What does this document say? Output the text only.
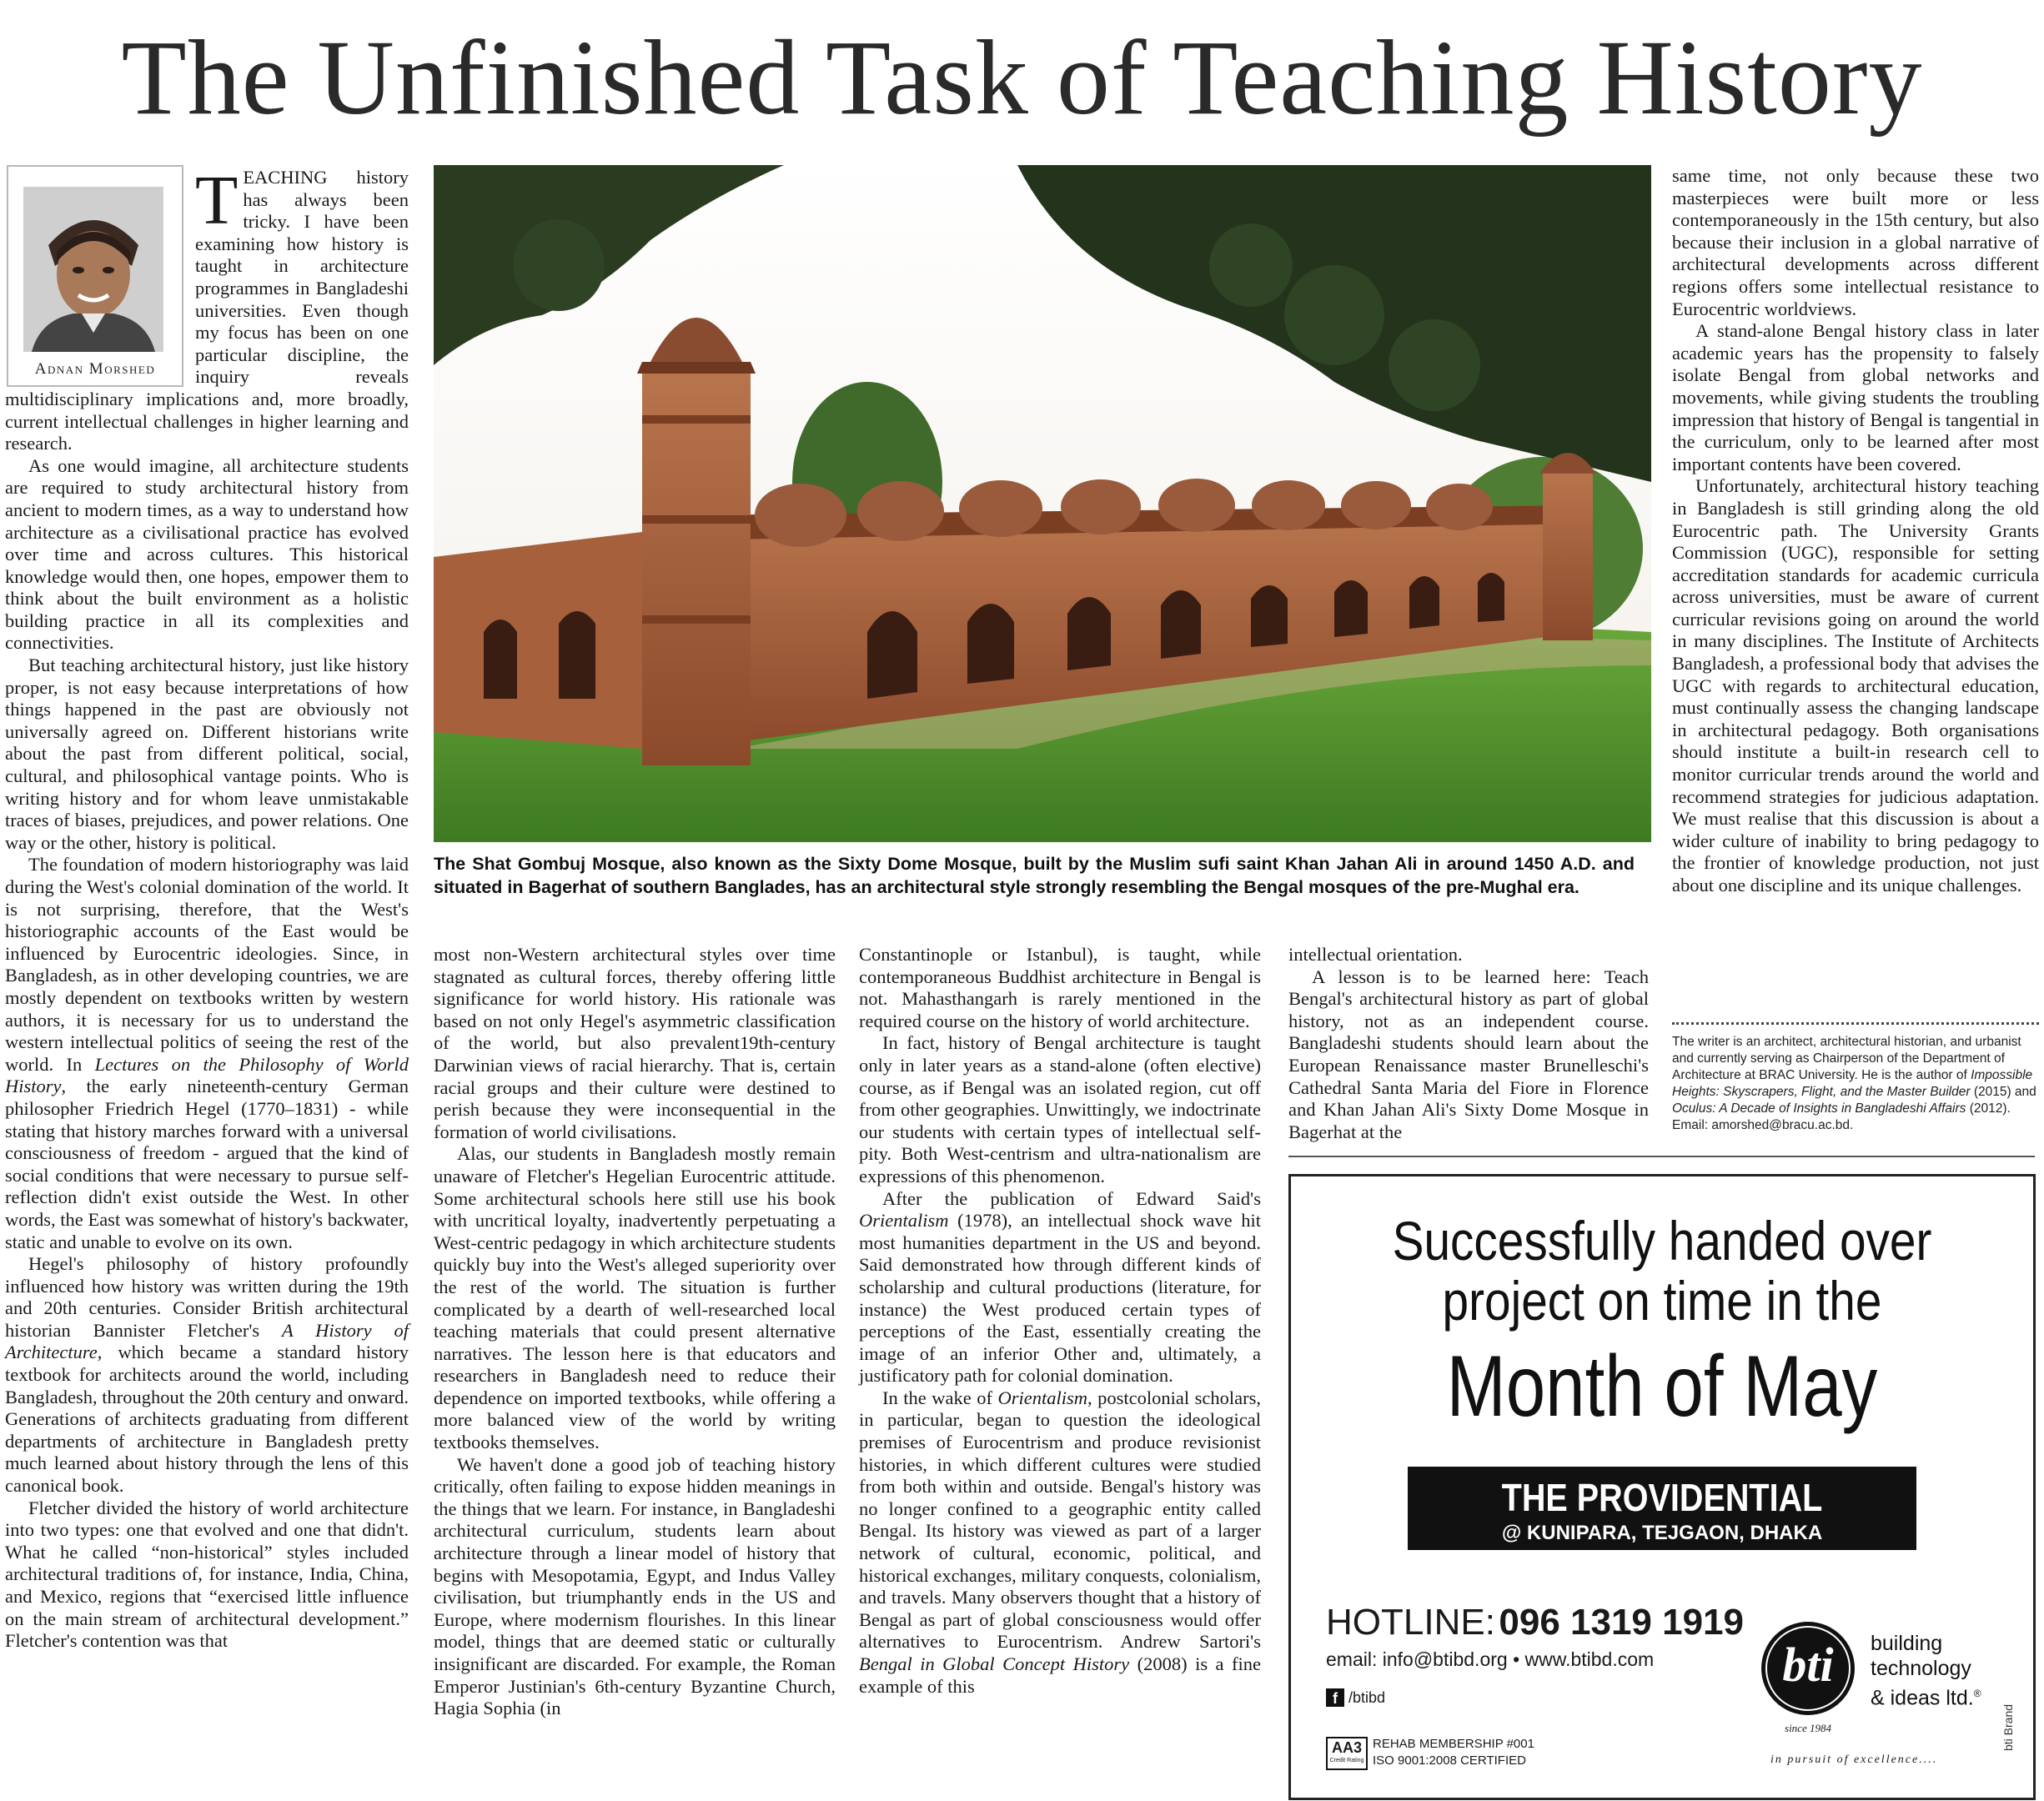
The Unfinished Task of Teaching History
Adnan Morshed

TEACHING history has always been tricky. I have been examining how history is taught in architecture programmes in Bangladeshi universities. Even though my focus has been on one particular discipline, the inquiry reveals multidisciplinary implications and, more broadly, current intellectual challenges in higher learning and research.

As one would imagine, all architecture students are required to study architectural history from ancient to modern times, as a way to understand how architecture as a civilisational practice has evolved over time and across cultures. This historical knowledge would then, one hopes, empower them to think about the built environment as a holistic building practice in all its complexities and connectivities.

But teaching architectural history, just like history proper, is not easy because interpretations of how things happened in the past are obviously not universally agreed on. Different historians write about the past from different political, social, cultural, and philosophical vantage points. Who is writing history and for whom leave unmistakable traces of biases, prejudices, and power relations. One way or the other, history is political.

The foundation of modern historiography was laid during the West's colonial domination of the world. It is not surprising, therefore, that the West's historiographic accounts of the East would be influenced by Eurocentric ideologies. Since, in Bangladesh, as in other developing countries, we are mostly dependent on textbooks written by western authors, it is necessary for us to understand the western intellectual politics of seeing the rest of the world. In Lectures on the Philosophy of World History, the early nineteenth-century German philosopher Friedrich Hegel (1770–1831) - while stating that history marches forward with a universal consciousness of freedom - argued that the kind of social conditions that were necessary to pursue self-reflection didn't exist outside the West. In other words, the East was somewhat of history's backwater, static and unable to evolve on its own.

Hegel's philosophy of history profoundly influenced how history was written during the 19th and 20th centuries. Consider British architectural historian Bannister Fletcher's A History of Architecture, which became a standard history textbook for architects around the world, including Bangladesh, throughout the 20th century and onward. Generations of architects graduating from different departments of architecture in Bangladesh pretty much learned about history through the lens of this canonical book.

Fletcher divided the history of world architecture into two types: one that evolved and one that didn't. What he called “non-historical” styles included architectural traditions of, for instance, India, China, and Mexico, regions that “exercised little influence on the main stream of architectural development.” Fletcher's contention was that

The Shat Gombuj Mosque, also known as the Sixty Dome Mosque, built by the Muslim sufi saint Khan Jahan Ali in around 1450 A.D. and situated in Bagerhat of southern Banglades, has an architectural style strongly resembling the Bengal mosques of the pre-Mughal era.

most non-Western architectural styles over time stagnated as cultural forces, thereby offering little significance for world history. His rationale was based on not only Hegel's asymmetric classification of the world, but also prevalent19th-century Darwinian views of racial hierarchy. That is, certain racial groups and their culture were destined to perish because they were inconsequential in the formation of world civilisations.

Alas, our students in Bangladesh mostly remain unaware of Fletcher's Hegelian Eurocentric attitude. Some architectural schools here still use his book with uncritical loyalty, inadvertently perpetuating a West-centric pedagogy in which architecture students quickly buy into the West's alleged superiority over the rest of the world. The situation is further complicated by a dearth of well-researched local teaching materials that could present alternative narratives. The lesson here is that educators and researchers in Bangladesh need to reduce their dependence on imported textbooks, while offering a more balanced view of the world by writing textbooks themselves.

We haven't done a good job of teaching history critically, often failing to expose hidden meanings in the things that we learn. For instance, in Bangladeshi architectural curriculum, students learn about architecture through a linear model of history that begins with Mesopotamia, Egypt, and Indus Valley civilisation, but triumphantly ends in the US and Europe, where modernism flourishes. In this linear model, things that are deemed static or culturally insignificant are discarded. For example, the Roman Emperor Justinian's 6th-century Byzantine Church, Hagia Sophia (in

Constantinople or Istanbul), is taught, while contemporaneous Buddhist architecture in Bengal is not. Mahasthangarh is rarely mentioned in the required course on the history of world architecture.

In fact, history of Bengal architecture is taught only in later years as a stand-alone (often elective) course, as if Bengal was an isolated region, cut off from other geographies. Unwittingly, we indoctrinate our students with certain types of intellectual self-pity. Both West-centrism and ultra-nationalism are expressions of this phenomenon.

After the publication of Edward Said's Orientalism (1978), an intellectual shock wave hit most humanities department in the US and beyond. Said demonstrated how through different kinds of scholarship and cultural productions (literature, for instance) the West produced certain types of perceptions of the East, essentially creating the image of an inferior Other and, ultimately, a justificatory path for colonial domination.

In the wake of Orientalism, postcolonial scholars, in particular, began to question the ideological premises of Eurocentrism and produce revisionist histories, in which different cultures were studied from both within and outside. Bengal's history was no longer confined to a geographic entity called Bengal. Its history was viewed as part of a larger network of cultural, economic, political, and historical exchanges, military conquests, colonialism, and travels. Many observers thought that a history of Bengal as part of global consciousness would offer alternatives to Eurocentrism. Andrew Sartori's Bengal in Global Concept History (2008) is a fine example of this

intellectual orientation.

A lesson is to be learned here: Teach Bengal's architectural history as part of global history, not as an independent course. Bangladeshi students should learn about the European Renaissance master Brunelleschi's Cathedral Santa Maria del Fiore in Florence and Khan Jahan Ali's Sixty Dome Mosque in Bagerhat at the

same time, not only because these two masterpieces were built more or less contemporaneously in the 15th century, but also because their inclusion in a global narrative of architectural developments across different regions offers some intellectual resistance to Eurocentric worldviews.

A stand-alone Bengal history class in later academic years has the propensity to falsely isolate Bengal from global networks and movements, while giving students the troubling impression that history of Bengal is tangential in the curriculum, only to be learned after most important contents have been covered.

Unfortunately, architectural history teaching in Bangladesh is still grinding along the old Eurocentric path. The University Grants Commission (UGC), responsible for setting accreditation standards for academic curricula across universities, must be aware of current curricular revisions going on around the world in many disciplines. The Institute of Architects Bangladesh, a professional body that advises the UGC with regards to architectural education, must continually assess the changing landscape in architectural pedagogy. Both organisations should institute a built-in research cell to monitor curricular trends around the world and recommend strategies for judicious adaptation. We must realise that this discussion is about a wider culture of inability to bring pedagogy to the frontier of knowledge production, not just about one discipline and its unique challenges.

The writer is an architect, architectural historian, and urbanist and currently serving as Chairperson of the Department of Architecture at BRAC University. He is the author of Impossible Heights: Skyscrapers, Flight, and the Master Builder (2015) and Oculus: A Decade of Insights in Bangladeshi Affairs (2012).
Email: amorshed@bracu.ac.bd.
Successfully handed over
project on time in the
Month of May
THE PROVIDENTIAL
@ KUNIPARA, TEJGAON, DHAKA
HOTLINE: 096 1319 1919
email: info@btibd.org • www.btibd.com
f /btibd
AA3
Credit Rating
REHAB MEMBERSHIP #001
ISO 9001:2008 CERTIFIED
bti
since 1984
building
technology
& ideas ltd.®
in pursuit of excellence....
bti Brand
